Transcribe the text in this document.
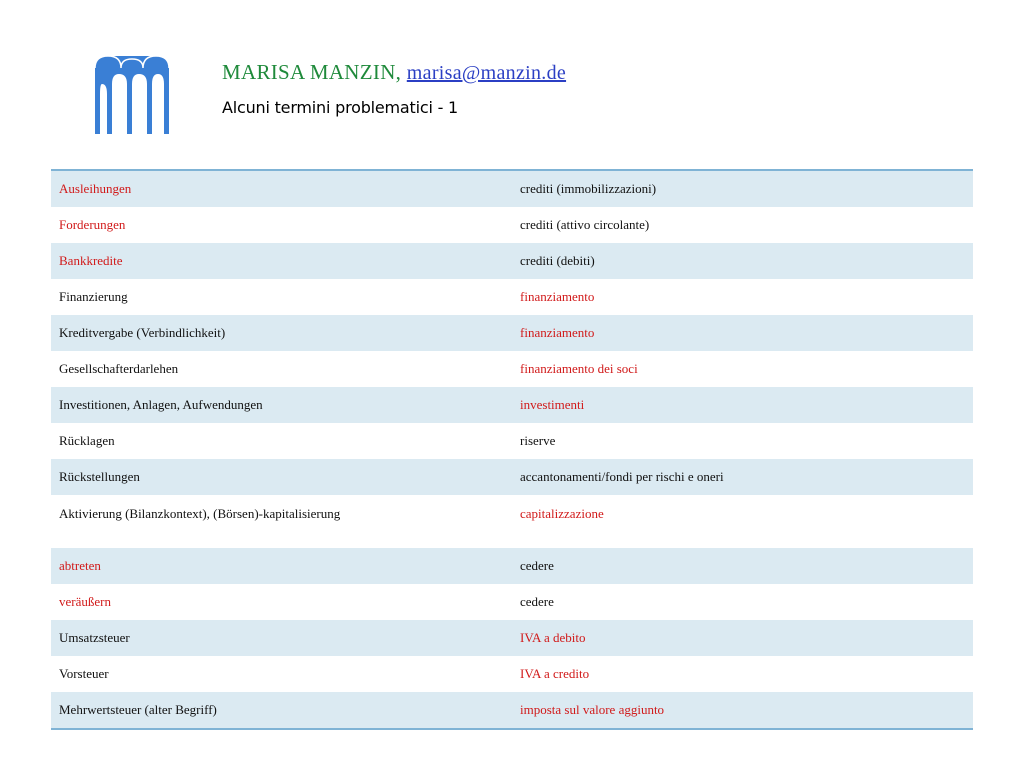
MARISA MANZIN, marisa@manzin.de
Alcuni termini problematici - 1
Ausleihungen	crediti (immobilizzazioni)
Forderungen	crediti (attivo circolante)
Bankkredite	crediti (debiti)
Finanzierung	finanziamento
Kreditvergabe (Verbindlichkeit)	finanziamento
Gesellschafterdarlehen	finanziamento dei soci
Investitionen, Anlagen, Aufwendungen	investimenti
Rücklagen	riserve
Rückstellungen	accantonamenti/fondi per rischi e oneri
Aktivierung (Bilanzkontext), (Börsen)-kapitalisierung	capitalizzazione
abtreten	cedere
veräußern	cedere
Umsatzsteuer	IVA a debito
Vorsteuer	IVA a credito
Mehrwertsteuer (alter Begriff)	imposta sul valore aggiunto
